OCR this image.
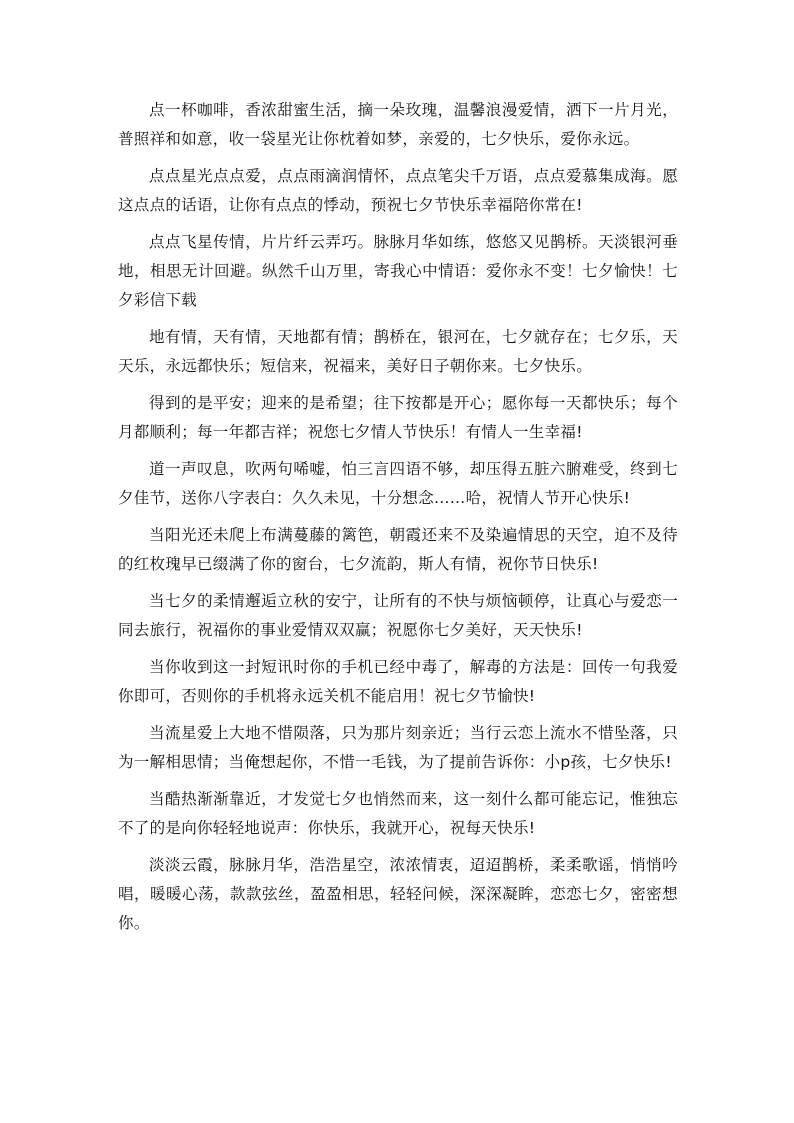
点一杯咖啡，香浓甜蜜生活，摘一朵玫瑰，温馨浪漫爱情，洒下一片月光，普照祥和如意，收一袋星光让你枕着如梦，亲爱的，七夕快乐，爱你永远。

点点星光点点爱，点点雨滴润情怀，点点笔尖千万语，点点爱慕集成海。愿这点点的话语，让你有点点的悸动，预祝七夕节快乐幸福陪你常在!

点点飞星传情，片片纤云弄巧。脉脉月华如练，悠悠又见鹊桥。天淡银河垂地，相思无计回避。纵然千山万里，寄我心中情语：爱你永不变！七夕愉快！七夕彩信下载

地有情，天有情，天地都有情；鹊桥在，银河在，七夕就存在；七夕乐，天天乐，永远都快乐；短信来，祝福来，美好日子朝你来。七夕快乐。

得到的是平安；迎来的是希望；往下按都是开心；愿你每一天都快乐；每个月都顺利；每一年都吉祥；祝您七夕情人节快乐！有情人一生幸福!

道一声叹息，吹两句唏嘘，怕三言四语不够，却压得五脏六腑难受，终到七夕佳节，送你八字表白：久久未见，十分想念……哈，祝情人节开心快乐!

当阳光还未爬上布满蔓藤的篱笆，朝霞还来不及染遍情思的天空，迫不及待的红枚瑰早已缀满了你的窗台，七夕流韵，斯人有情，祝你节日快乐!

当七夕的柔情邂逅立秋的安宁，让所有的不快与烦恼顿停，让真心与爱恋一同去旅行，祝福你的事业爱情双双赢；祝愿你七夕美好，天天快乐!

当你收到这一封短讯时你的手机已经中毒了，解毒的方法是：回传一句我爱你即可，否则你的手机将永远关机不能启用！祝七夕节愉快!

当流星爱上大地不惜陨落，只为那片刻亲近；当行云恋上流水不惜坠落，只为一解相思情；当俺想起你，不惜一毛钱，为了提前告诉你：小p孩，七夕快乐!

当酷热渐渐靠近，才发觉七夕也悄然而来，这一刻什么都可能忘记，惟独忘不了的是向你轻轻地说声：你快乐，我就开心，祝每天快乐!

淡淡云霞，脉脉月华，浩浩星空，浓浓情衷，迢迢鹊桥，柔柔歌谣，悄悄吟唱，暖暖心荡，款款弦丝，盈盈相思，轻轻问候，深深凝眸，恋恋七夕，密密想你。
